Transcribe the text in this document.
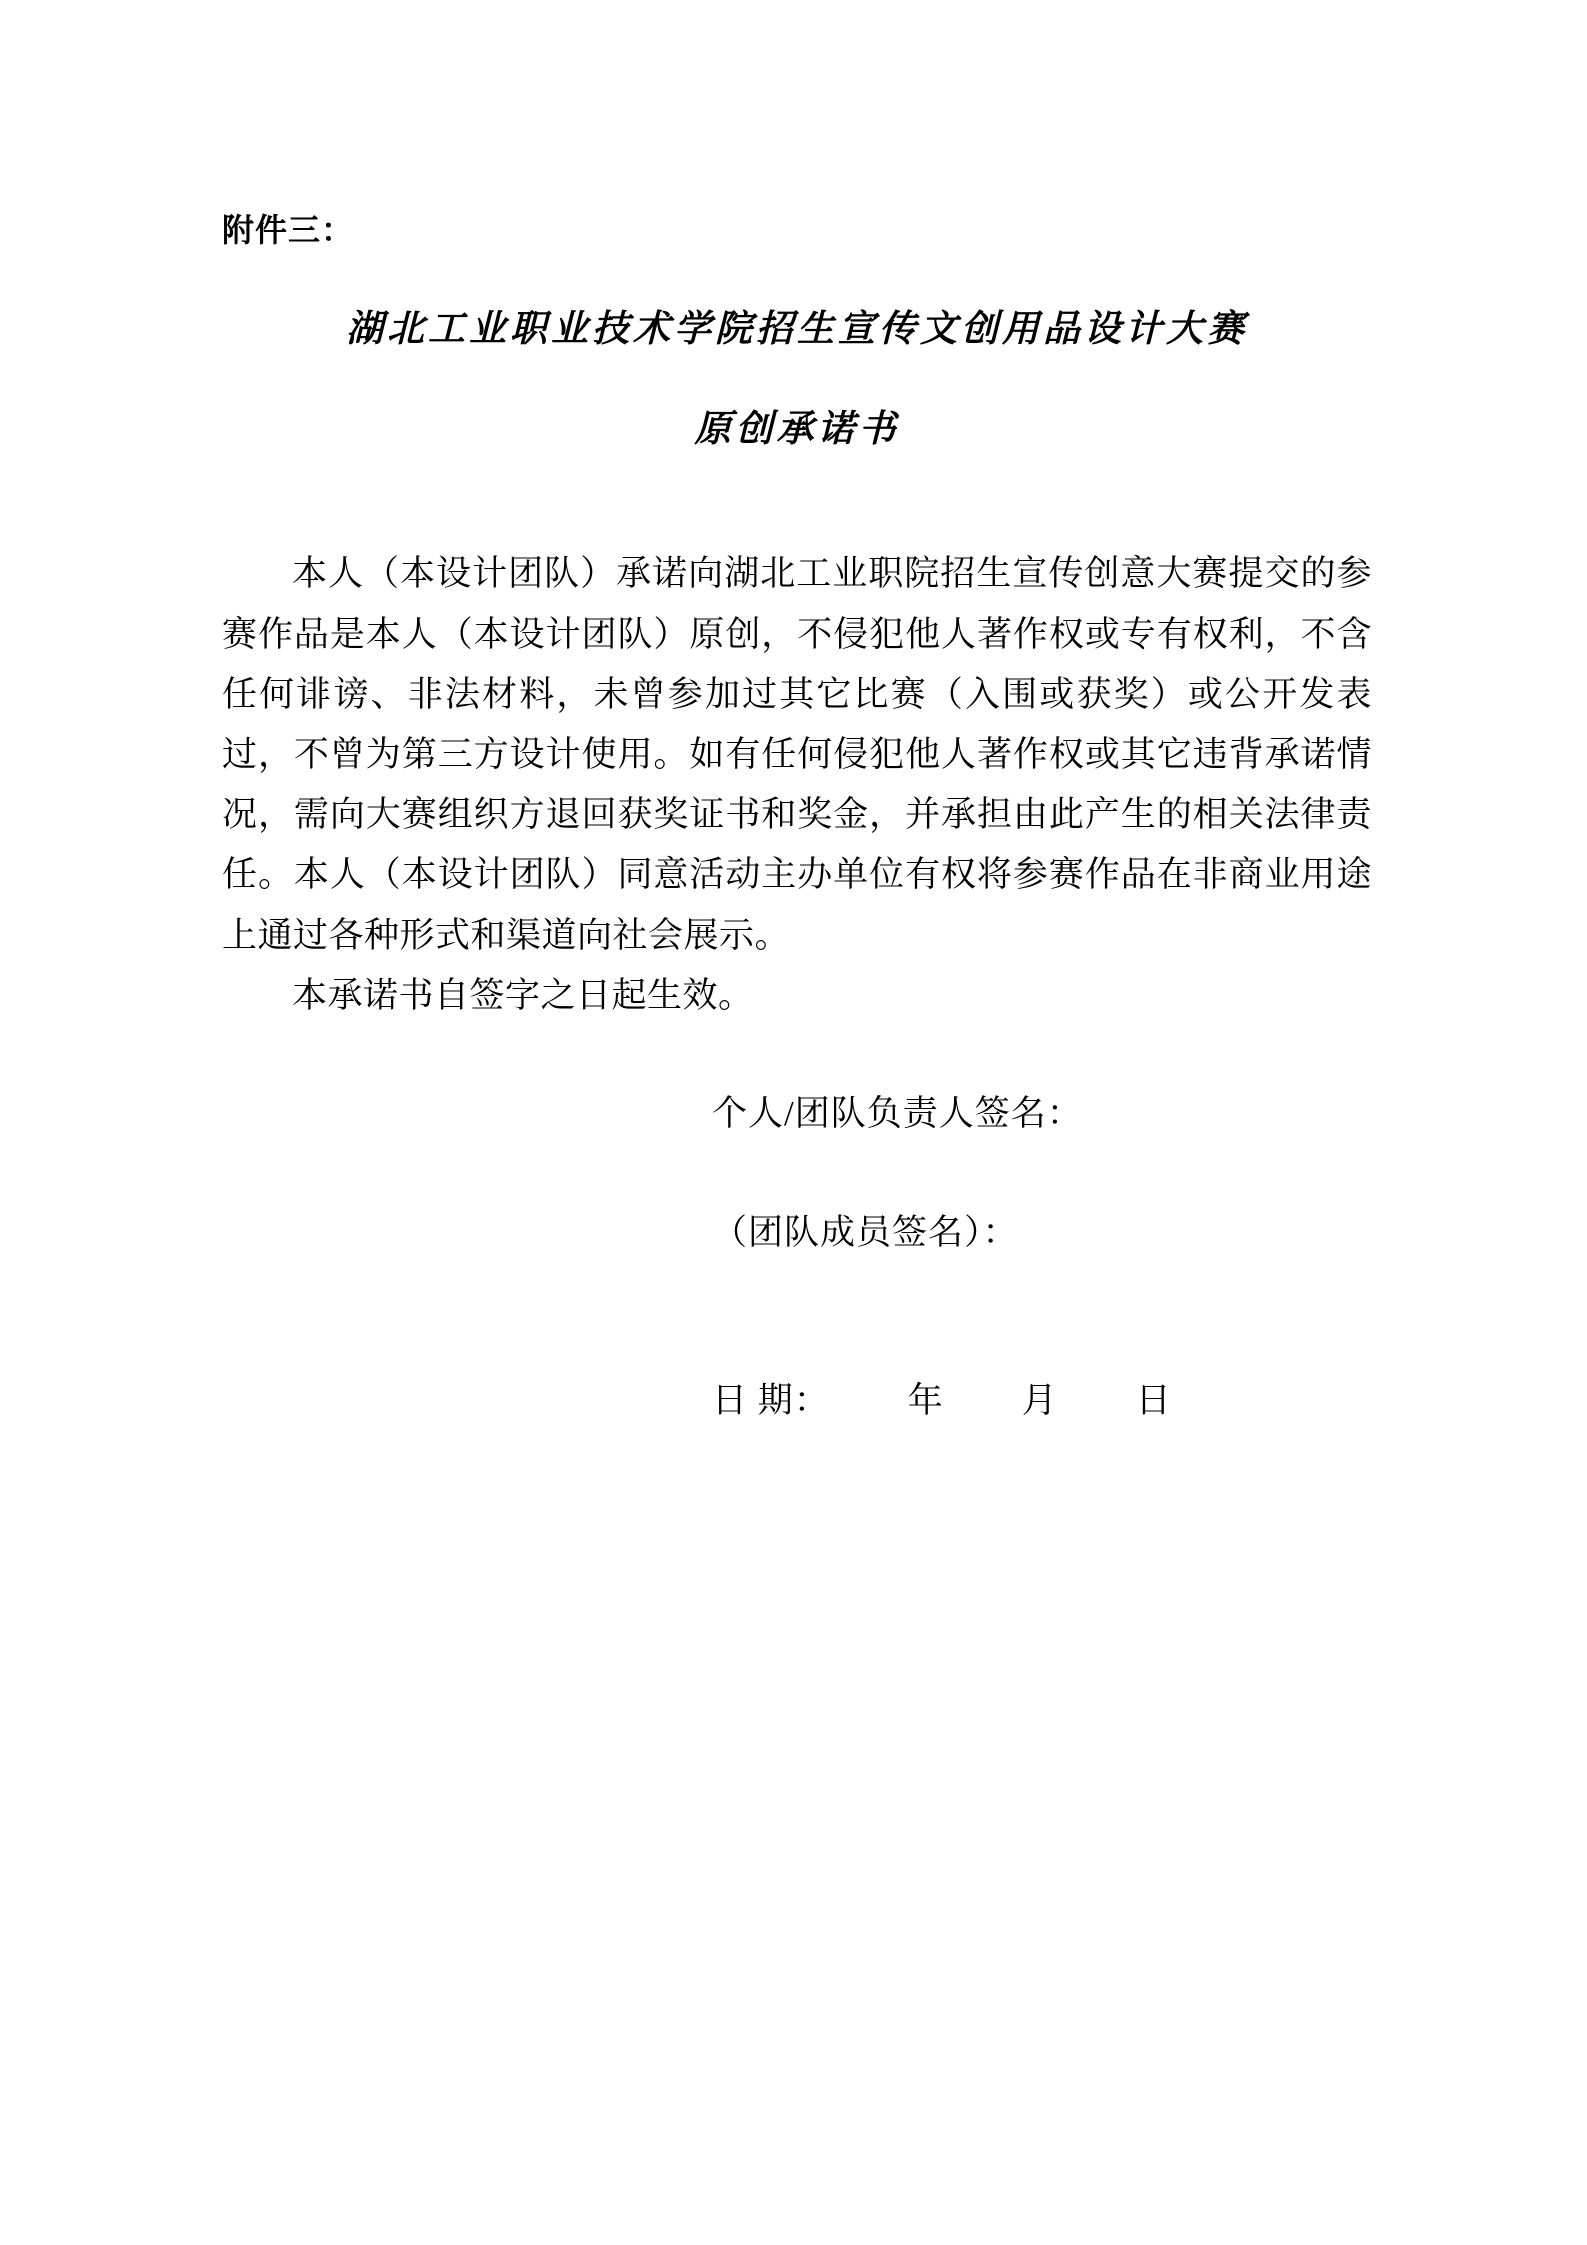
附件三：
湖北工业职业技术学院招生宣传文创用品设计大赛
原创承诺书

本人（本设计团队）承诺向湖北工业职院招生宣传创意大赛提交的参赛作品是本人（本设计团队）原创，不侵犯他人著作权或专有权利，不含任何诽谤、非法材料，未曾参加过其它比赛（入围或获奖）或公开发表过，不曾为第三方设计使用。如有任何侵犯他人著作权或其它违背承诺情况，需向大赛组织方退回获奖证书和奖金，并承担由此产生的相关法律责任。本人（本设计团队）同意活动主办单位有权将参赛作品在非商业用途上通过各种形式和渠道向社会展示。

本承诺书自签字之日起生效。

个人/团队负责人签名：
（团队成员签名）：
日 期：        年        月        日
